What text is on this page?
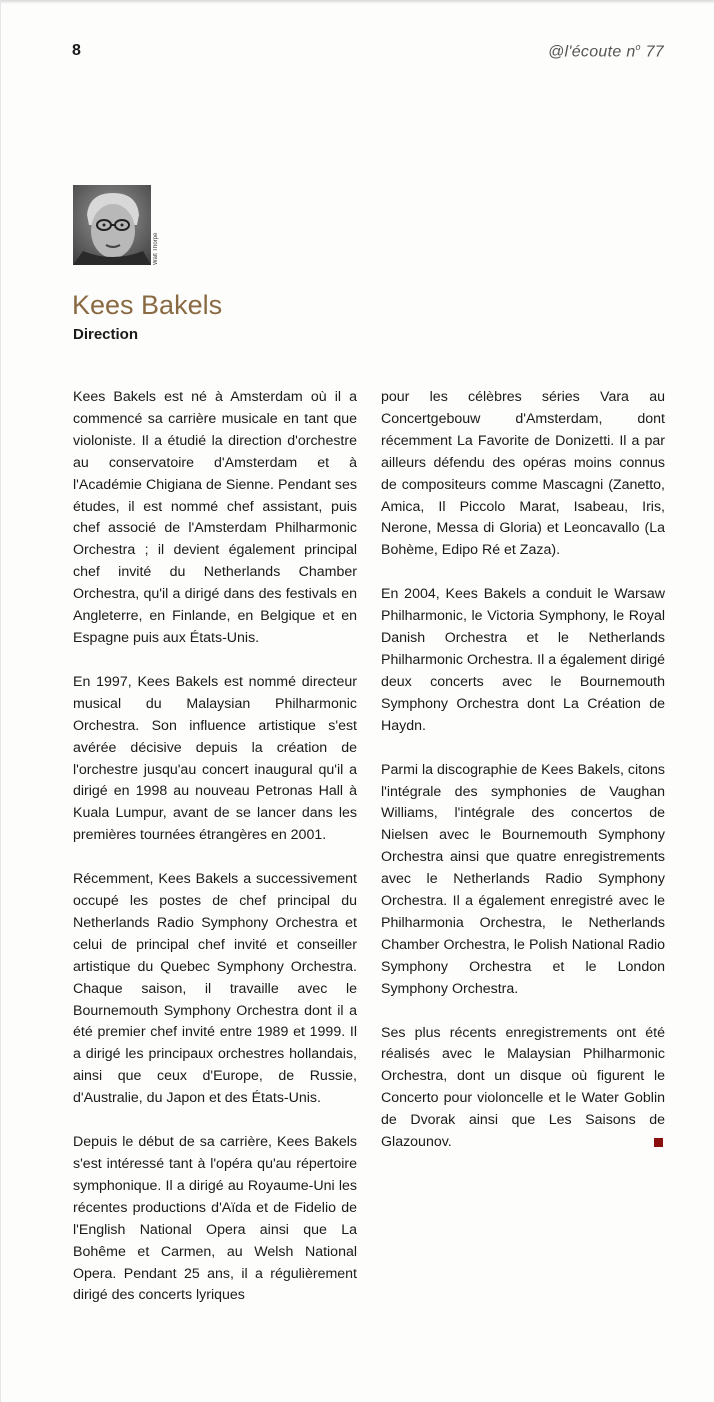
8	@l'écoute $n^o$ 77
Walt Thorpe
Kees Bakels
Direction

Kees Bakels est né à Amsterdam où il a commencé sa carrière musicale en tant que violoniste. Il a étudié la direction d'orchestre au conservatoire d'Amsterdam et à l'Académie Chigiana de Sienne. Pendant ses études, il est nommé chef assistant, puis chef associé de l'Amsterdam Philharmonic Orchestra ; il devient également principal chef invité du Netherlands Chamber Orchestra, qu'il a dirigé dans des festivals en Angleterre, en Finlande, en Belgique et en Espagne puis aux États-Unis.

En 1997, Kees Bakels est nommé directeur musical du Malaysian Philharmonic Orchestra. Son influence artistique s'est avérée décisive depuis la création de l'orchestre jusqu'au concert inaugural qu'il a dirigé en 1998 au nouveau Petronas Hall à Kuala Lumpur, avant de se lancer dans les premières tournées étrangères en 2001.

Récemment, Kees Bakels a successivement occupé les postes de chef principal du Netherlands Radio Symphony Orchestra et celui de principal chef invité et conseiller artistique du Quebec Symphony Orchestra. Chaque saison, il travaille avec le Bournemouth Symphony Orchestra dont il a été premier chef invité entre 1989 et 1999. Il a dirigé les principaux orchestres hollandais, ainsi que ceux d'Europe, de Russie, d'Australie, du Japon et des États-Unis.

Depuis le début de sa carrière, Kees Bakels s'est intéressé tant à l'opéra qu'au répertoire symphonique. Il a dirigé au Royaume-Uni les récentes productions d'Aïda et de Fidelio de l'English National Opera ainsi que La Bohême et Carmen, au Welsh National Opera. Pendant 25 ans, il a régulièrement dirigé des concerts lyriques

pour les célèbres séries Vara au Concertgebouw d'Amsterdam, dont récemment La Favorite de Donizetti. Il a par ailleurs défendu des opéras moins connus de compositeurs comme Mascagni (Zanetto, Amica, Il Piccolo Marat, Isabeau, Iris, Nerone, Messa di Gloria) et Leoncavallo (La Bohème, Edipo Ré et Zaza).

En 2004, Kees Bakels a conduit le Warsaw Philharmonic, le Victoria Symphony, le Royal Danish Orchestra et le Netherlands Philharmonic Orchestra. Il a également dirigé deux concerts avec le Bournemouth Symphony Orchestra dont La Création de Haydn.

Parmi la discographie de Kees Bakels, citons l'intégrale des symphonies de Vaughan Williams, l'intégrale des concertos de Nielsen avec le Bournemouth Symphony Orchestra ainsi que quatre enregistrements avec le Netherlands Radio Symphony Orchestra. Il a également enregistré avec le Philharmonia Orchestra, le Netherlands Chamber Orchestra, le Polish National Radio Symphony Orchestra et le London Symphony Orchestra.

Ses plus récents enregistrements ont été réalisés avec le Malaysian Philharmonic Orchestra, dont un disque où figurent le Concerto pour violoncelle et le Water Goblin de Dvorak ainsi que Les Saisons de Glazounov.
